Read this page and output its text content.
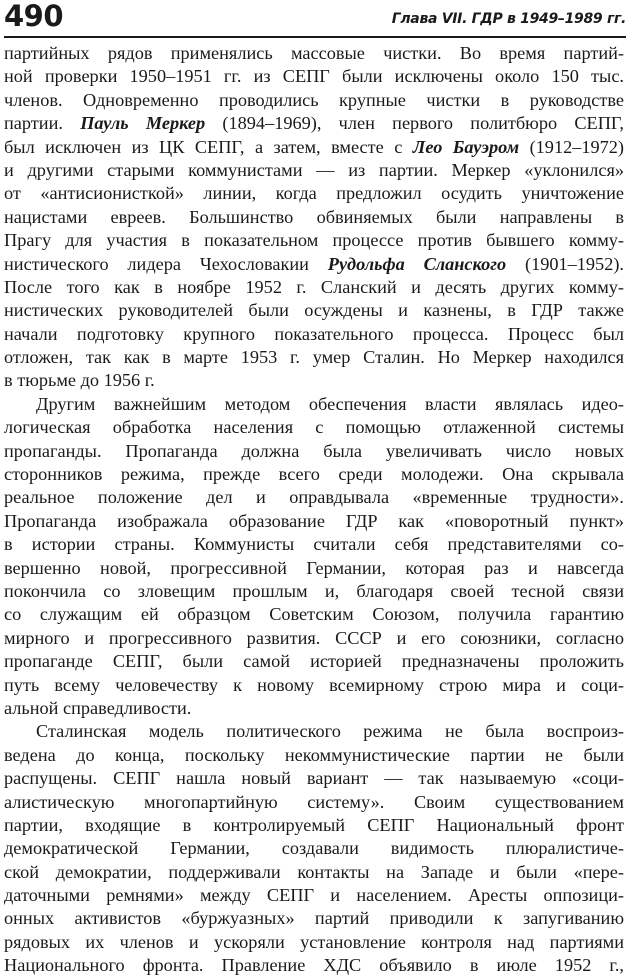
490	Глава VII. ГДР в 1949–1989 гг.
партийных рядов применялись массовые чистки. Во время партий-
ной проверки 1950–1951 гг. из СЕПГ были исключены около 150 тыс.
членов. Одновременно проводились крупные чистки в руководстве
партии. Пауль Меркер (1894–1969), член первого политбюро СЕПГ,
был исключен из ЦК СЕПГ, а затем, вместе с Лео Бауэром (1912–1972)
и другими старыми коммунистами — из партии. Меркер «уклонился»
от «антисионисткой» линии, когда предложил осудить уничтожение
нацистами евреев. Большинство обвиняемых были направлены в
Прагу для участия в показательном процессе против бывшего комму-
нистического лидера Чехословакии Рудольфа Сланского (1901–1952).
После того как в ноябре 1952 г. Сланский и десять других комму-
нистических руководителей были осуждены и казнены, в ГДР также
начали подготовку крупного показательного процесса. Процесс был
отложен, так как в марте 1953 г. умер Сталин. Но Меркер находился
в тюрьме до 1956 г.
Другим важнейшим методом обеспечения власти являлась идео-
логическая обработка населения с помощью отлаженной системы
пропаганды. Пропаганда должна была увеличивать число новых
сторонников режима, прежде всего среди молодежи. Она скрывала
реальное положение дел и оправдывала «временные трудности».
Пропаганда изображала образование ГДР как «поворотный пункт»
в истории страны. Коммунисты считали себя представителями со-
вершенно новой, прогрессивной Германии, которая раз и навсегда
покончила со зловещим прошлым и, благодаря своей тесной связи
со служащим ей образцом Советским Союзом, получила гарантию
мирного и прогрессивного развития. СССР и его союзники, согласно
пропаганде СЕПГ, были самой историей предназначены проложить
путь всему человечеству к новому всемирному строю мира и соци-
альной справедливости.
Сталинская модель политического режима не была воспроиз-
ведена до конца, поскольку некоммунистические партии не были
распущены. СЕПГ нашла новый вариант — так называемую «соци-
алистическую многопартийную систему». Своим существованием
партии, входящие в контролируемый СЕПГ Национальный фронт
демократической Германии, создавали видимость плюралистиче-
ской демократии, поддерживали контакты на Западе и были «пере-
даточными ремнями» между СЕПГ и населением. Аресты оппозици-
онных активистов «буржуазных» партий приводили к запугиванию
рядовых их членов и ускоряли установление контроля над партиями
Национального фронта. Правление ХДС объявило в июле 1952 г.,
